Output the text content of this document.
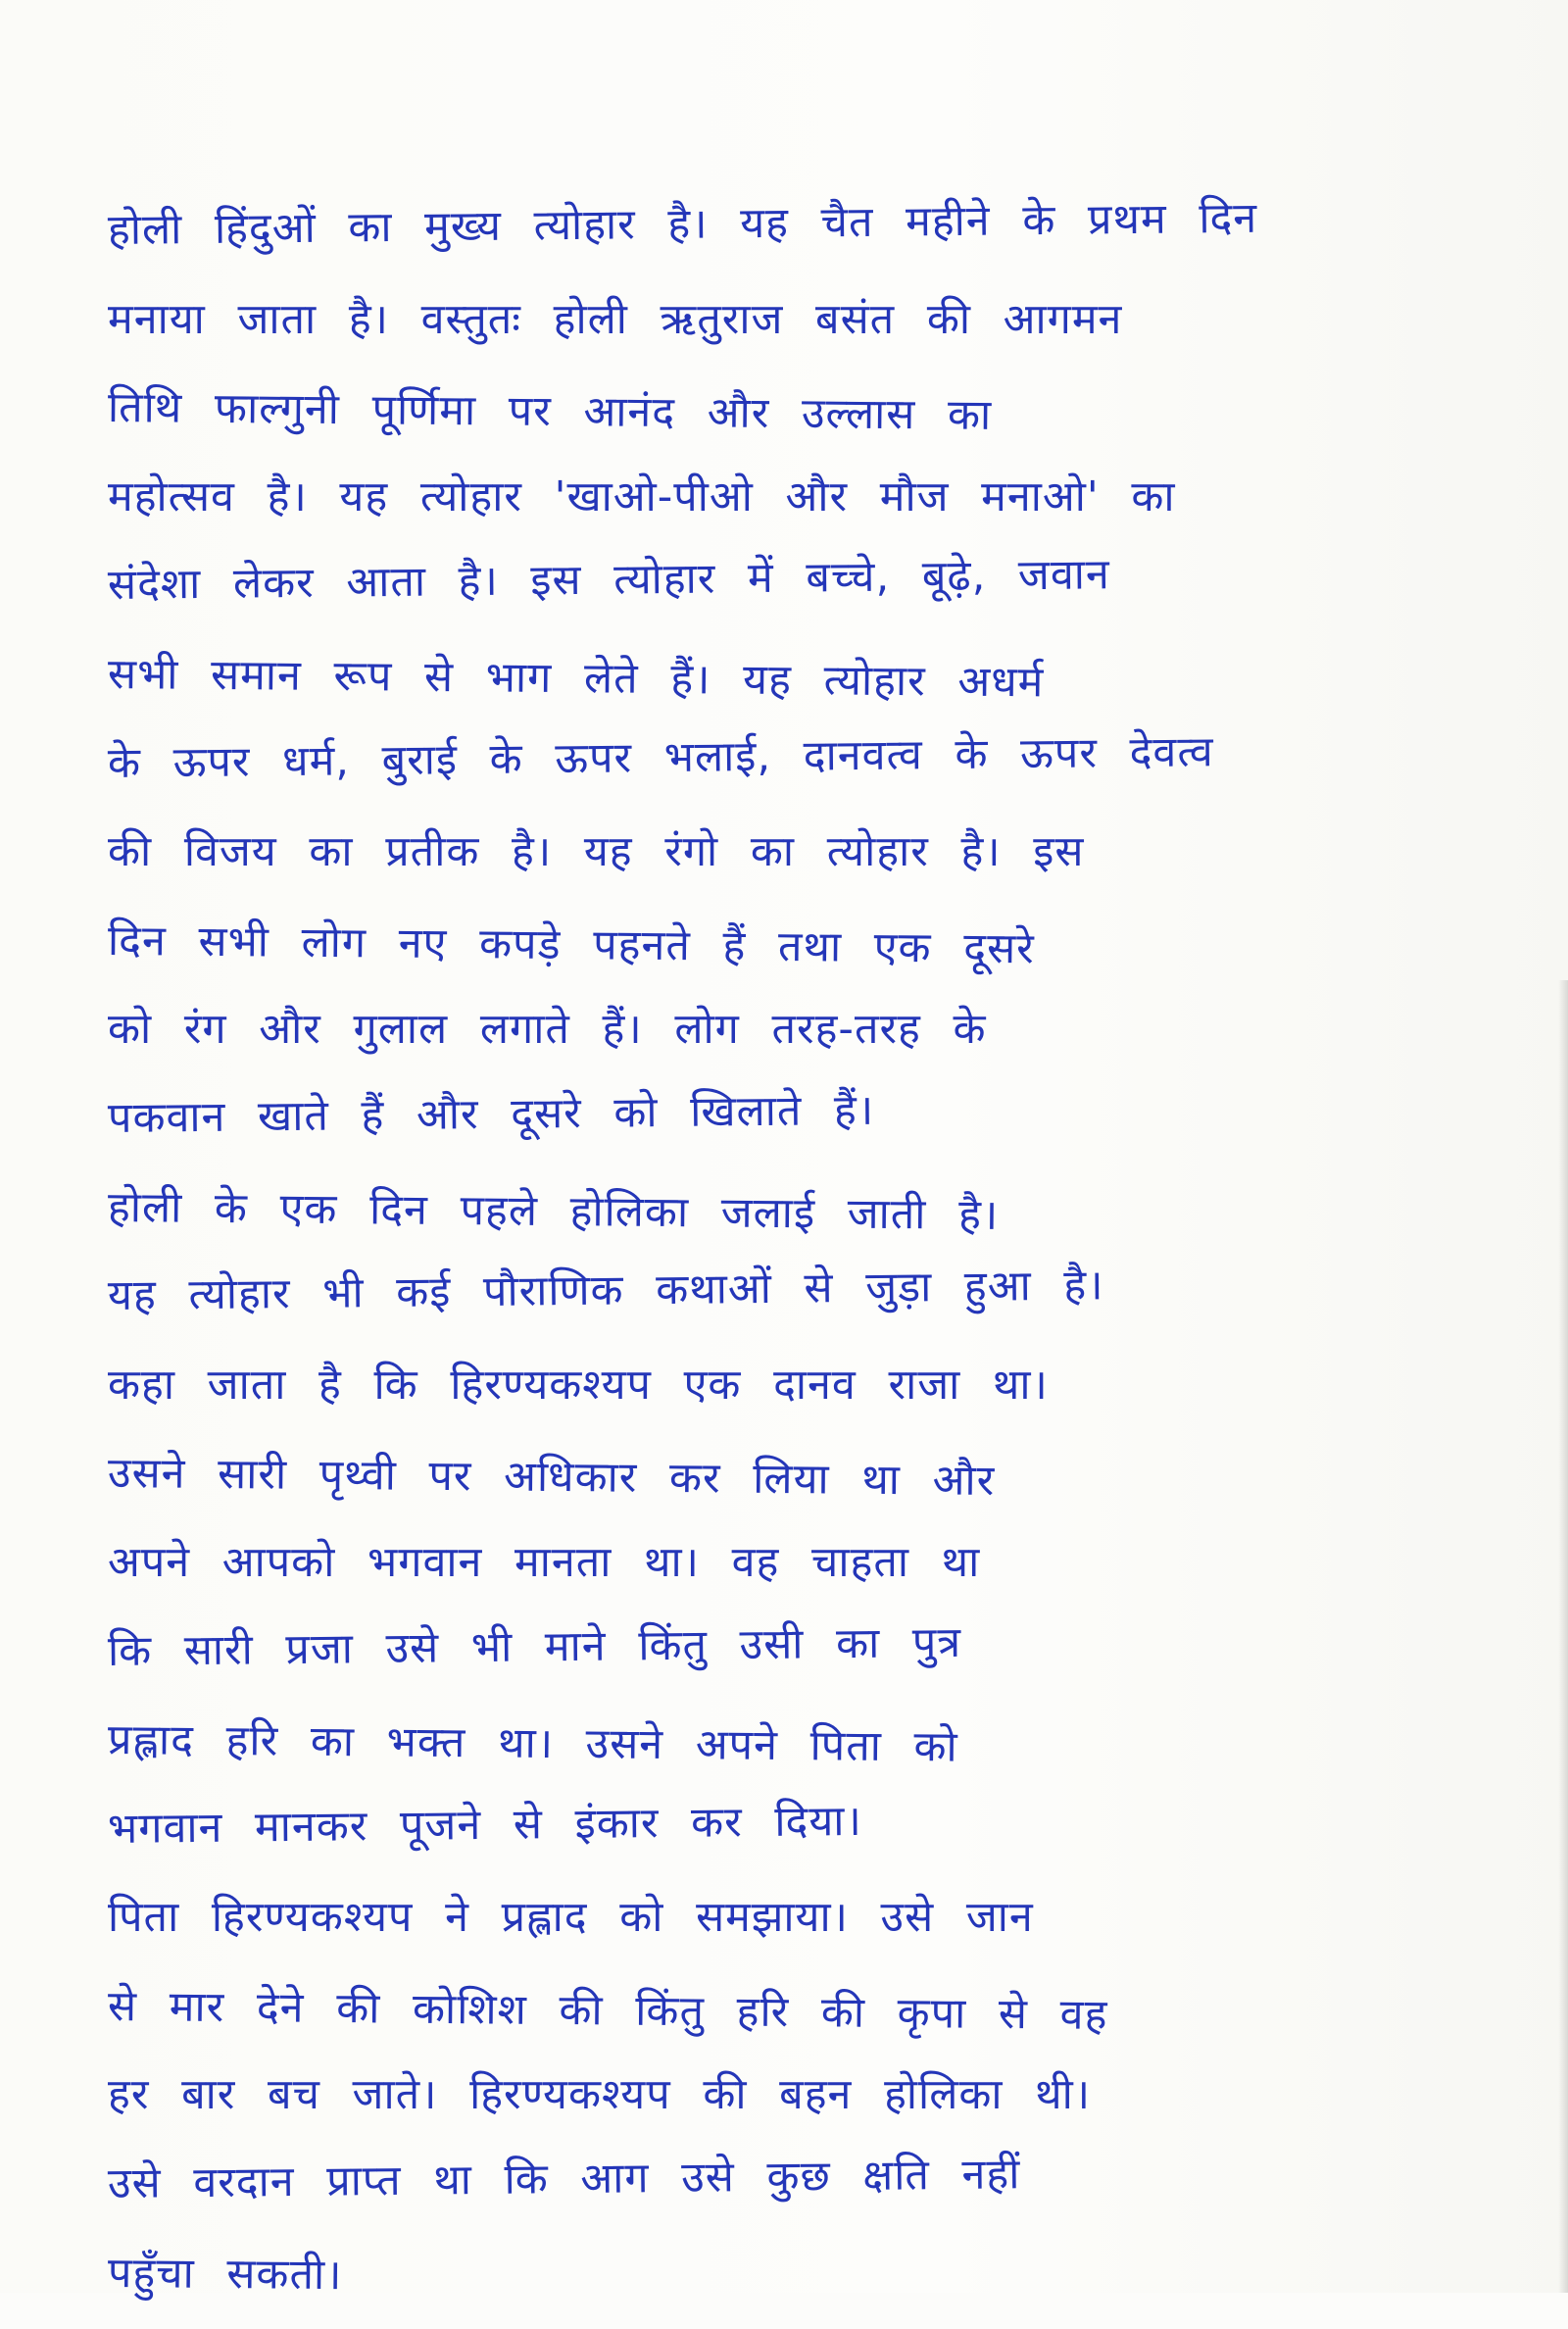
होली हिंदुओं का मुख्य त्योहार है। यह चैत महीने के प्रथम दिन
मनाया जाता है। वस्तुतः होली ऋतुराज बसंत की आगमन
तिथि फाल्गुनी पूर्णिमा पर आनंद और उल्लास का
महोत्सव है। यह त्योहार 'खाओ-पीओ और मौज मनाओ' का
संदेशा लेकर आता है। इस त्योहार में बच्चे, बूढ़े, जवान
सभी समान रूप से भाग लेते हैं। यह त्योहार अधर्म
के ऊपर धर्म, बुराई के ऊपर भलाई, दानवत्व के ऊपर देवत्व
की विजय का प्रतीक है। यह रंगो का त्योहार है। इस
दिन सभी लोग नए कपड़े पहनते हैं तथा एक दूसरे
को रंग और गुलाल लगाते हैं। लोग तरह-तरह के
पकवान खाते हैं और दूसरे को खिलाते हैं।
होली के एक दिन पहले होलिका जलाई जाती है।
यह त्योहार भी कई पौराणिक कथाओं से जुड़ा हुआ है।
कहा जाता है कि हिरण्यकश्यप एक दानव राजा था।
उसने सारी पृथ्वी पर अधिकार कर लिया था और
अपने आपको भगवान मानता था। वह चाहता था
कि सारी प्रजा उसे भी माने किंतु उसी का पुत्र
प्रह्लाद हरि का भक्त था। उसने अपने पिता को
भगवान मानकर पूजने से इंकार कर दिया।
पिता हिरण्यकश्यप ने प्रह्लाद को समझाया। उसे जान
से मार देने की कोशिश की किंतु हरि की कृपा से वह
हर बार बच जाते। हिरण्यकश्यप की बहन होलिका थी।
उसे वरदान प्राप्त था कि आग उसे कुछ क्षति नहीं
पहुँचा सकती।
